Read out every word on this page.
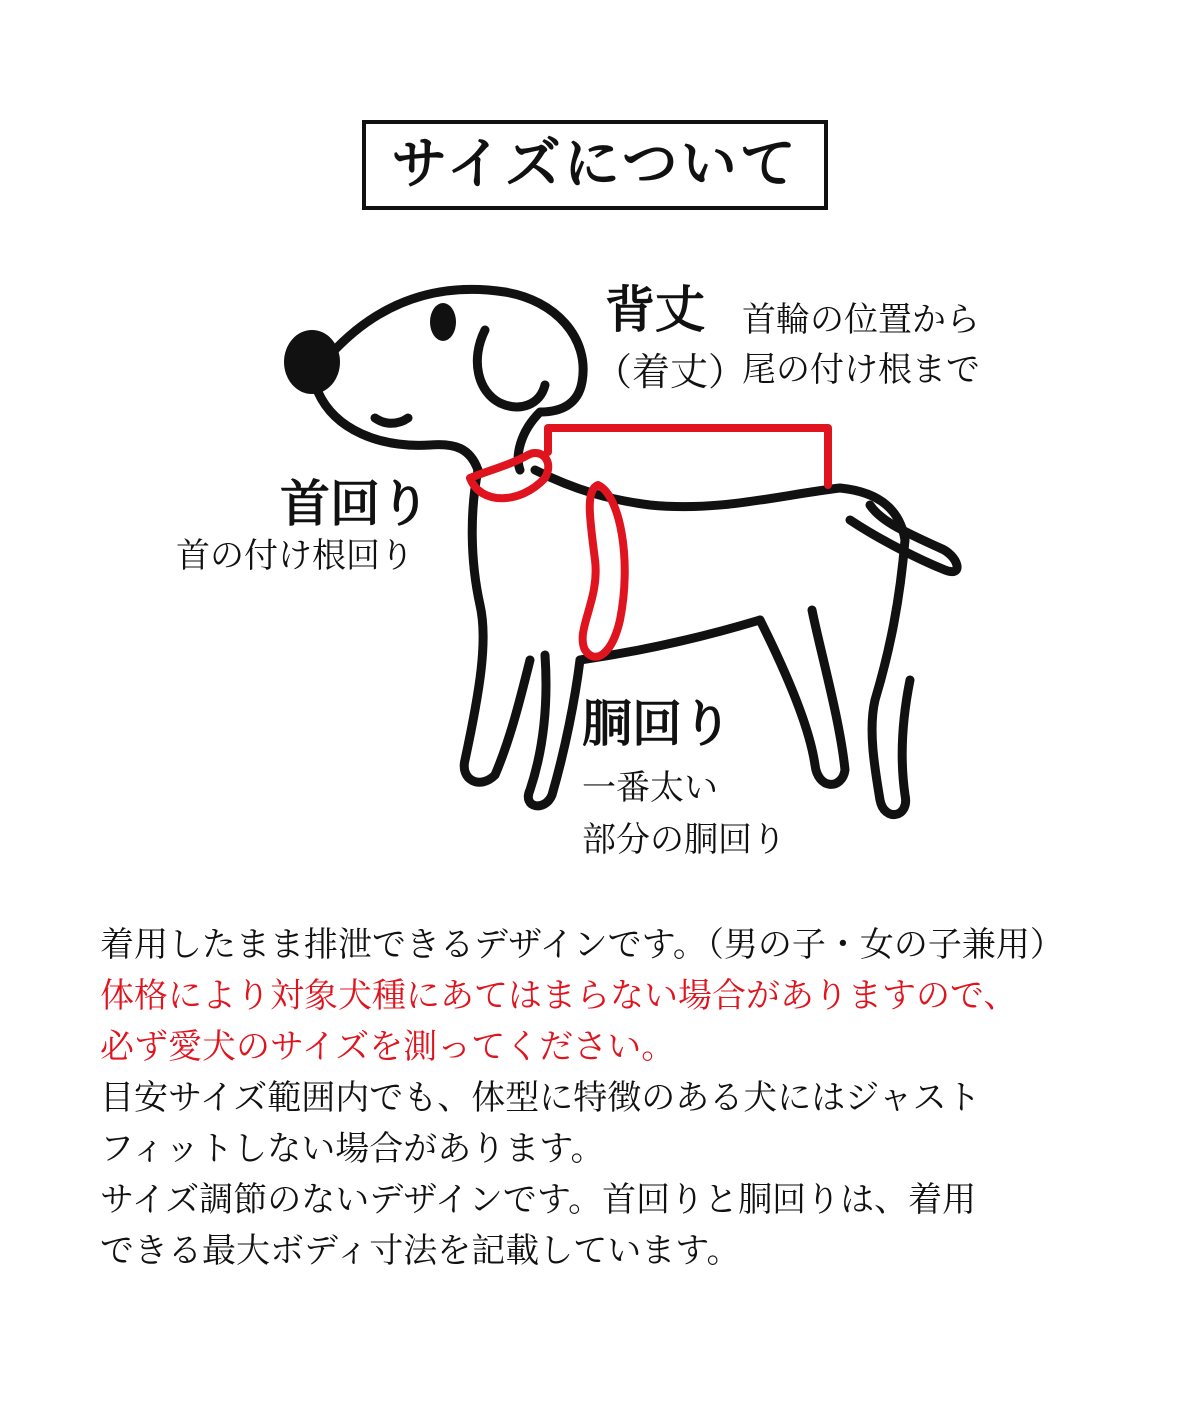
サイズについて
背丈
（着丈）
首輪の位置から
尾の付け根まで
首回り
首の付け根回り
胴回り
一番太い
部分の胴回り
着用したまま排泄できるデザインです。（男の子・女の子兼用）
体格により対象犬種にあてはまらない場合がありますので、
必ず愛犬のサイズを測ってください。
目安サイズ範囲内でも、体型に特徴のある犬にはジャスト
フィットしない場合があります。
サイズ調節のないデザインです。首回りと胴回りは、着用
できる最大ボディ寸法を記載しています。
